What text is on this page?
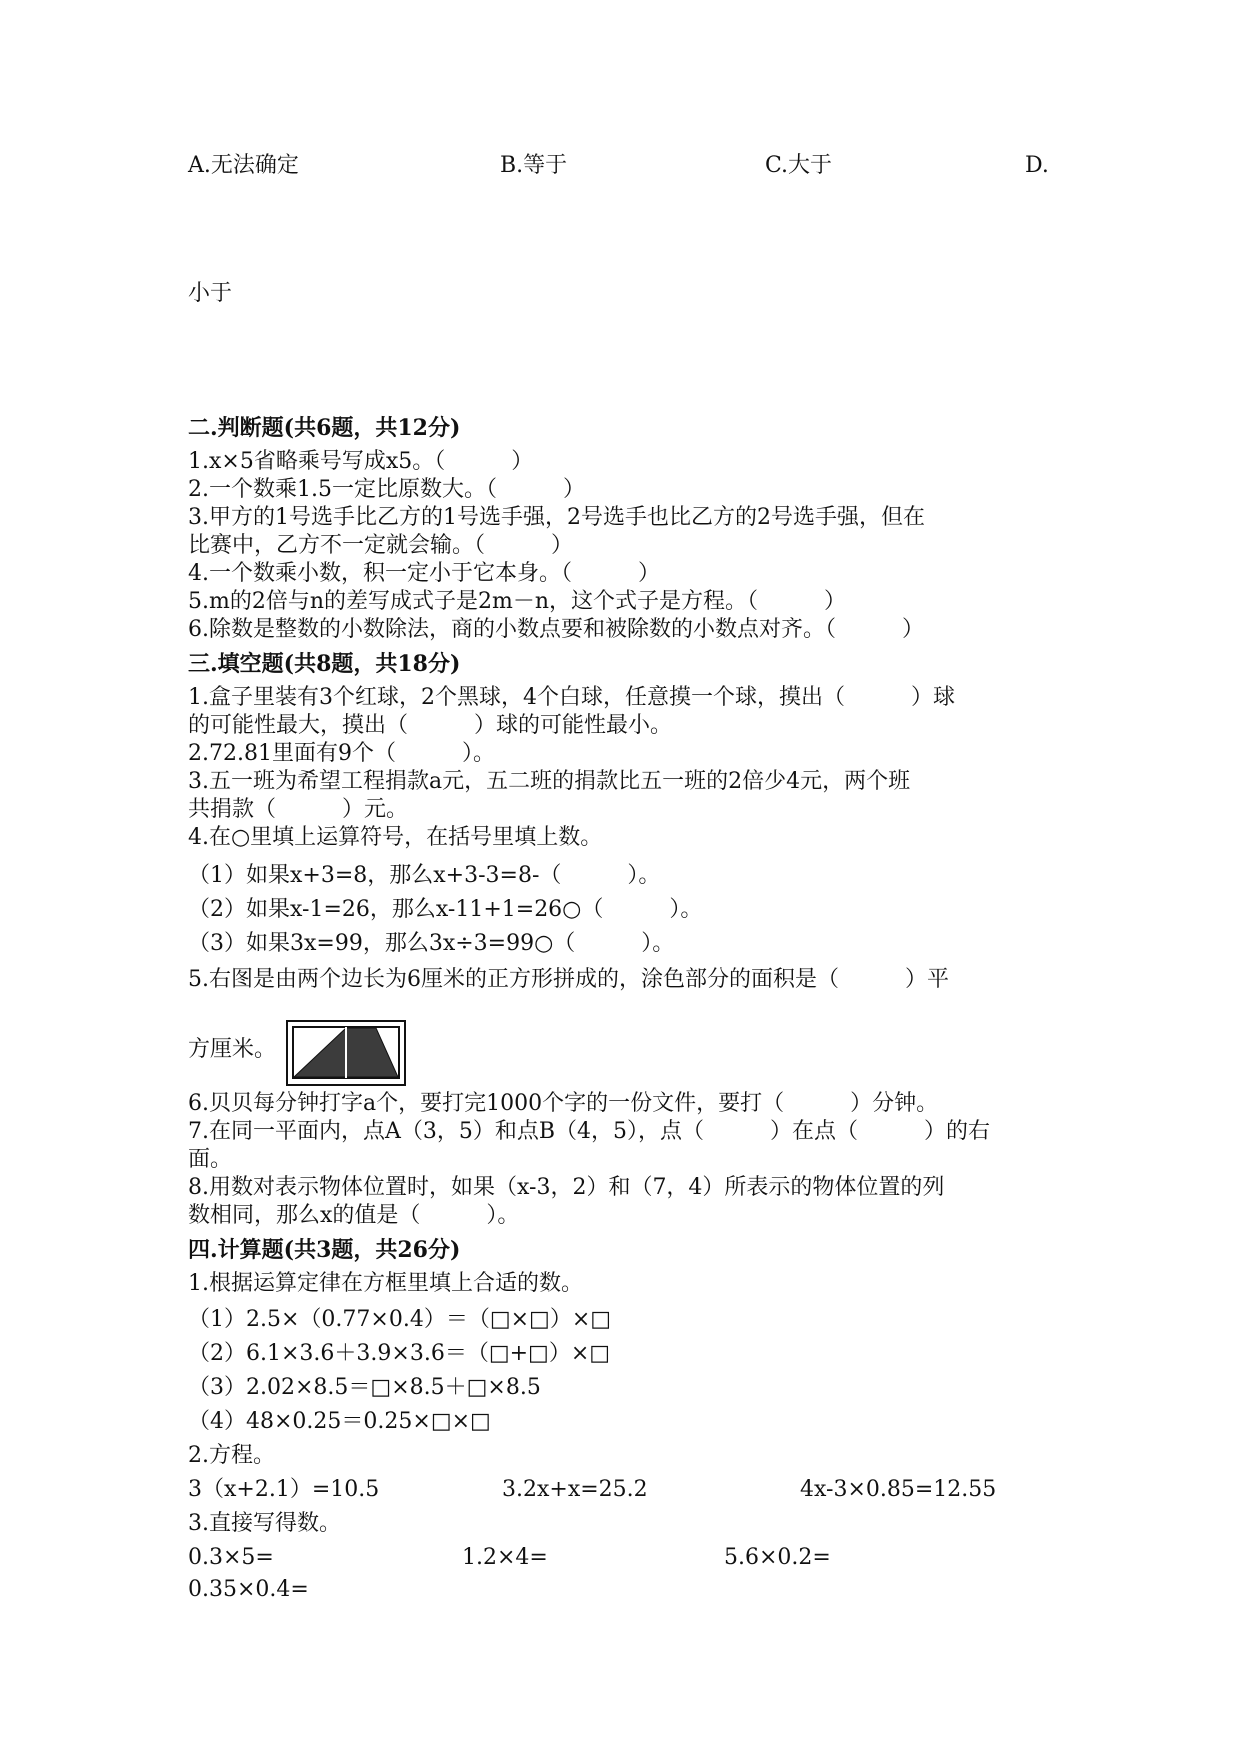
A.无法确定	B.等于	C.大于	D.
小于
二.判断题(共6题，共12分)
1.x×5省略乘号写成x5。（　　　）
2.一个数乘1.5一定比原数大。（　　　）
3.甲方的1号选手比乙方的1号选手强，2号选手也比乙方的2号选手强，但在
比赛中，乙方不一定就会输。（　　　）
4.一个数乘小数，积一定小于它本身。（　　　）
5.m的2倍与n的差写成式子是2m－n，这个式子是方程。（　　　）
6.除数是整数的小数除法，商的小数点要和被除数的小数点对齐。（　　　）
三.填空题(共8题，共18分)
1.盒子里装有3个红球，2个黑球，4个白球，任意摸一个球，摸出（　　　）球
的可能性最大，摸出（　　　）球的可能性最小。
2.72.81里面有9个（　　　）。
3.五一班为希望工程捐款a元，五二班的捐款比五一班的2倍少4元，两个班
共捐款（　　　）元。
4.在○里填上运算符号，在括号里填上数。
（1）如果x+3=8，那么x+3-3=8-（　　　）。
（2）如果x-1=26，那么x-11+1=26○（　　　）。
（3）如果3x=99，那么3x÷3=99○（　　　）。
5.右图是由两个边长为6厘米的正方形拼成的，涂色部分的面积是（　　　）平
方厘米。
6.贝贝每分钟打字a个，要打完1000个字的一份文件，要打（　　　）分钟。
7.在同一平面内，点A（3，5）和点B（4，5），点（　　　）在点（　　　）的右
面。
8.用数对表示物体位置时，如果（x-3，2）和（7，4）所表示的物体位置的列
数相同，那么x的值是（　　　）。
四.计算题(共3题，共26分)
1.根据运算定律在方框里填上合适的数。
（1）2.5×（0.77×0.4）＝（□×□）×□
（2）6.1×3.6＋3.9×3.6＝（□+□）×□
（3）2.02×8.5＝□×8.5＋□×8.5
（4）48×0.25＝0.25×□×□
2.方程。
3（x+2.1）=10.5	3.2x+x=25.2	4x-3×0.85=12.55
3.直接写得数。
0.3×5=	1.2×4=	5.6×0.2=
0.35×0.4=
